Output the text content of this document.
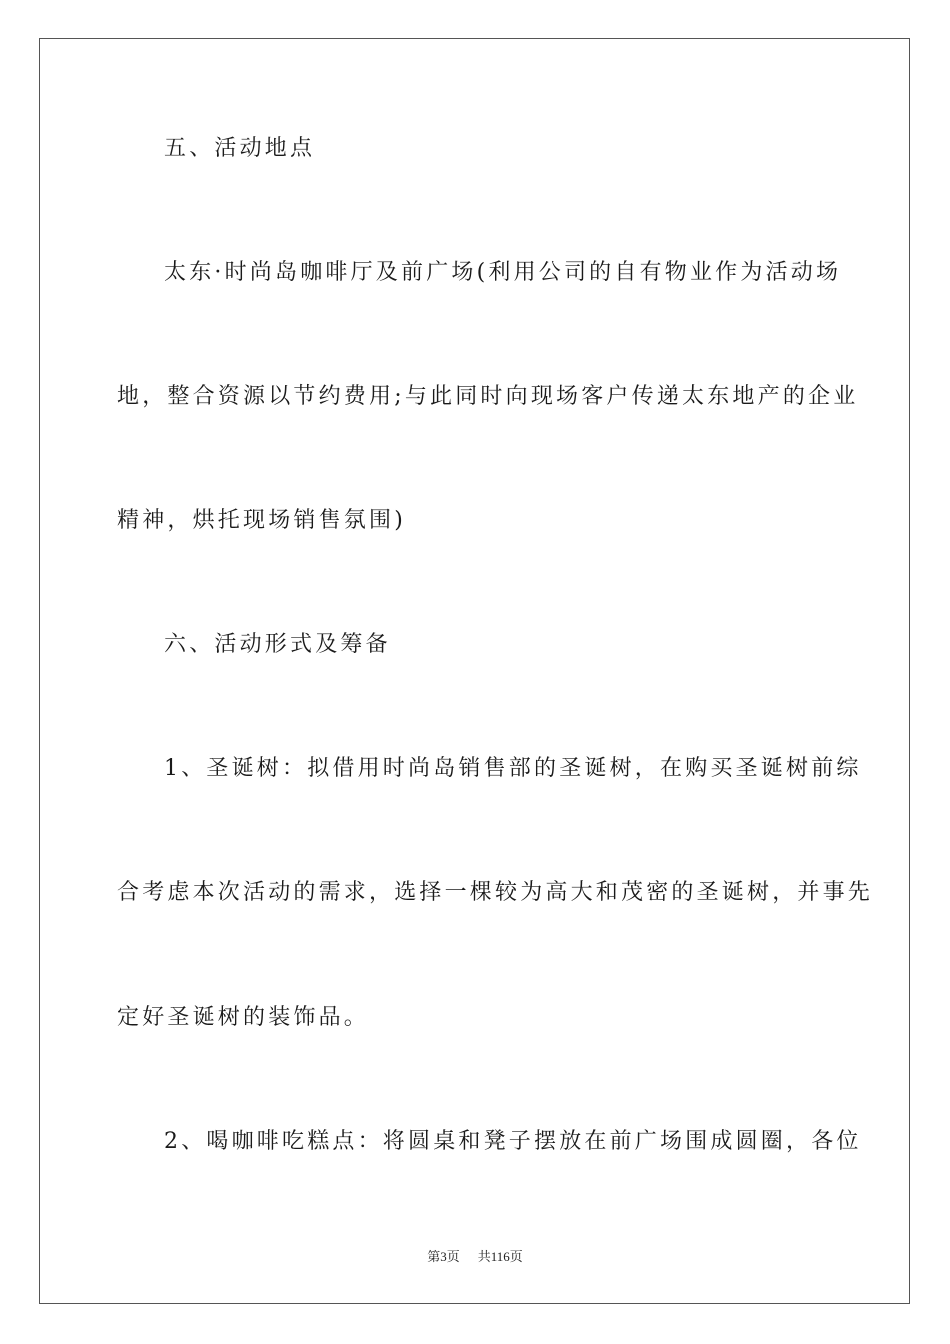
五、活动地点
太东·时尚岛咖啡厅及前广场(利用公司的自有物业作为活动场
地，整合资源以节约费用;与此同时向现场客户传递太东地产的企业
精神，烘托现场销售氛围)
六、活动形式及筹备
1、圣诞树：拟借用时尚岛销售部的圣诞树，在购买圣诞树前综
合考虑本次活动的需求，选择一棵较为高大和茂密的圣诞树，并事先
定好圣诞树的装饰品。
2、喝咖啡吃糕点：将圆桌和凳子摆放在前广场围成圆圈，各位
第3页 共116页
